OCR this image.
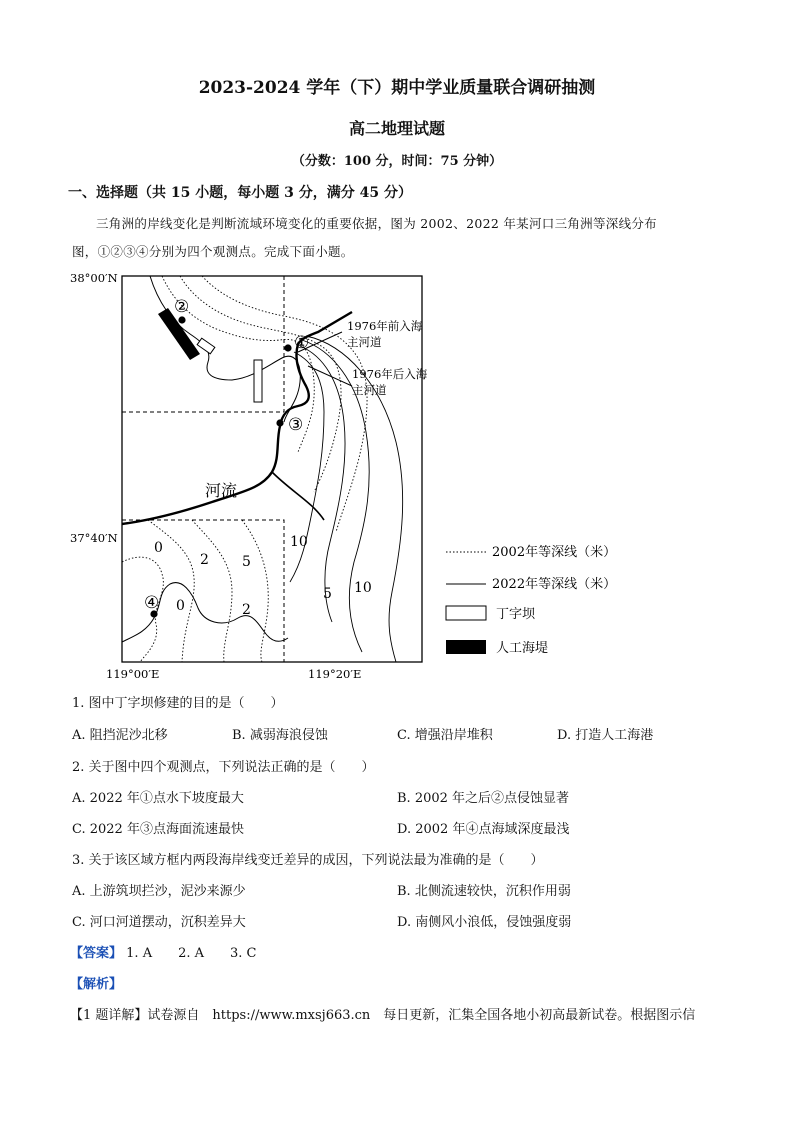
2023-2024 学年（下）期中学业质量联合调研抽测
高二地理试题
（分数：100 分，时间：75 分钟）
一、选择题（共 15 小题，每小题 3 分，满分 45 分）
三角洲的岸线变化是判断流域环境变化的重要依据，图为 2002、2022 年某河口三角洲等深线分布
图，①②③④分别为四个观测点。完成下面小题。
①
②
③
④
1976年前入海
主河道
1976年后入海
主河道
河流
0
2 5
10
0	2
5 10
38°00′N
37°40′N
119°00′E	119°20′E
2002年等深线（米）
2022年等深线（米）
丁字坝
人工海堤
1. 图中丁字坝修建的目的是（　　）
A. 阻挡泥沙北移	B. 减弱海浪侵蚀	C. 增强沿岸堆积	D. 打造人工海港
2. 关于图中四个观测点，下列说法正确的是（　　）
A. 2022 年①点水下坡度最大	B. 2002 年之后②点侵蚀显著
C. 2022 年③点海面流速最快	D. 2002 年④点海域深度最浅
3. 关于该区域方框内两段海岸线变迁差异的成因，下列说法最为准确的是（　　）
A. 上游筑坝拦沙，泥沙来源少	B. 北侧流速较快，沉积作用弱
C. 河口河道摆动，沉积差异大	D. 南侧风小浪低，侵蚀强度弱
【答案】 1. A　　2. A　　3. C
【解析】
【1 题详解】试卷源自　https://www.mxsj663.cn　每日更新，汇集全国各地小初高最新试卷。根据图示信
